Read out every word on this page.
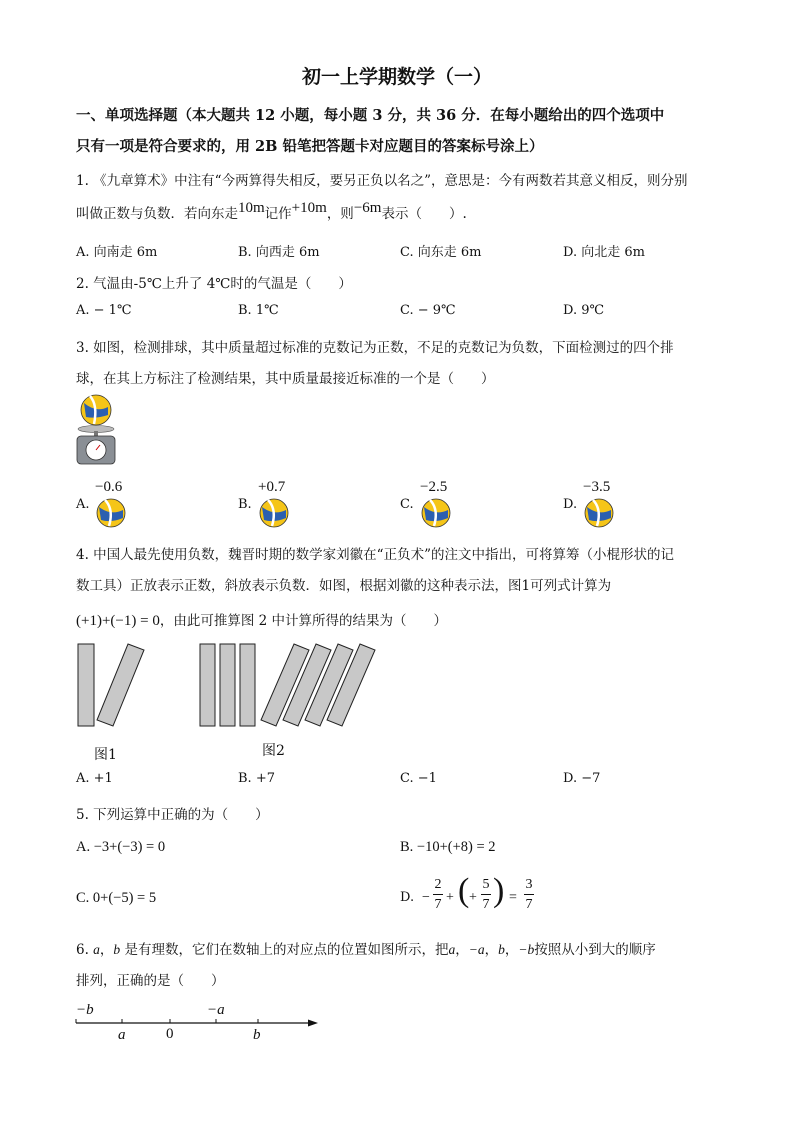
初一上学期数学（一）
一、单项选择题（本大题共 12 小题，每小题 3 分，共 36 分．在每小题给出的四个选项中
只有一项是符合要求的，用 2B 铅笔把答题卡对应题目的答案标号涂上）
1. 《九章算术》中注有“今两算得失相反，要另正负以名之”，意思是：今有两数若其意义相反，则分别
叫做正数与负数．若向东走10m记作+10m，则−6m表示（　　）.
A. 向南走 6m	B. 向西走 6m	C. 向东走 6m	D. 向北走 6m
2. 气温由-5℃上升了 4℃时的气温是（　　）
A. − 1℃	B. 1℃	C. − 9℃	D. 9℃
3. 如图，检测排球，其中质量超过标准的克数记为正数，不足的克数记为负数，下面检测过的四个排
球，在其上方标注了检测结果，其中质量最接近标准的一个是（　　）
A.
−0.6
B.
+0.7
C.
−2.5
D.
−3.5
4. 中国人最先使用负数，魏晋时期的数学家刘徽在“正负术”的注文中指出，可将算筹（小棍形状的记
数工具）正放表示正数，斜放表示负数．如图，根据刘徽的这种表示法，图1可列式计算为
(+1)+(−1) = 0，由此可推算图 2 中计算所得的结果为（　　）
图1	图2
A. +1	B. +7	C. −1	D. −7
5. 下列运算中正确的为（　　）
A. −3+(−3) = 0	B. −10+(+8) = 2
C. 0+(−5) = 5	D. −
2
7 + ( +
5
7 ) =
3
7
6. a，b 是有理数，它们在数轴上的对应点的位置如图所示，把a，−a，b，−b按照从小到大的顺序
排列，正确的是（　　）
−b
a	0
−a
b
